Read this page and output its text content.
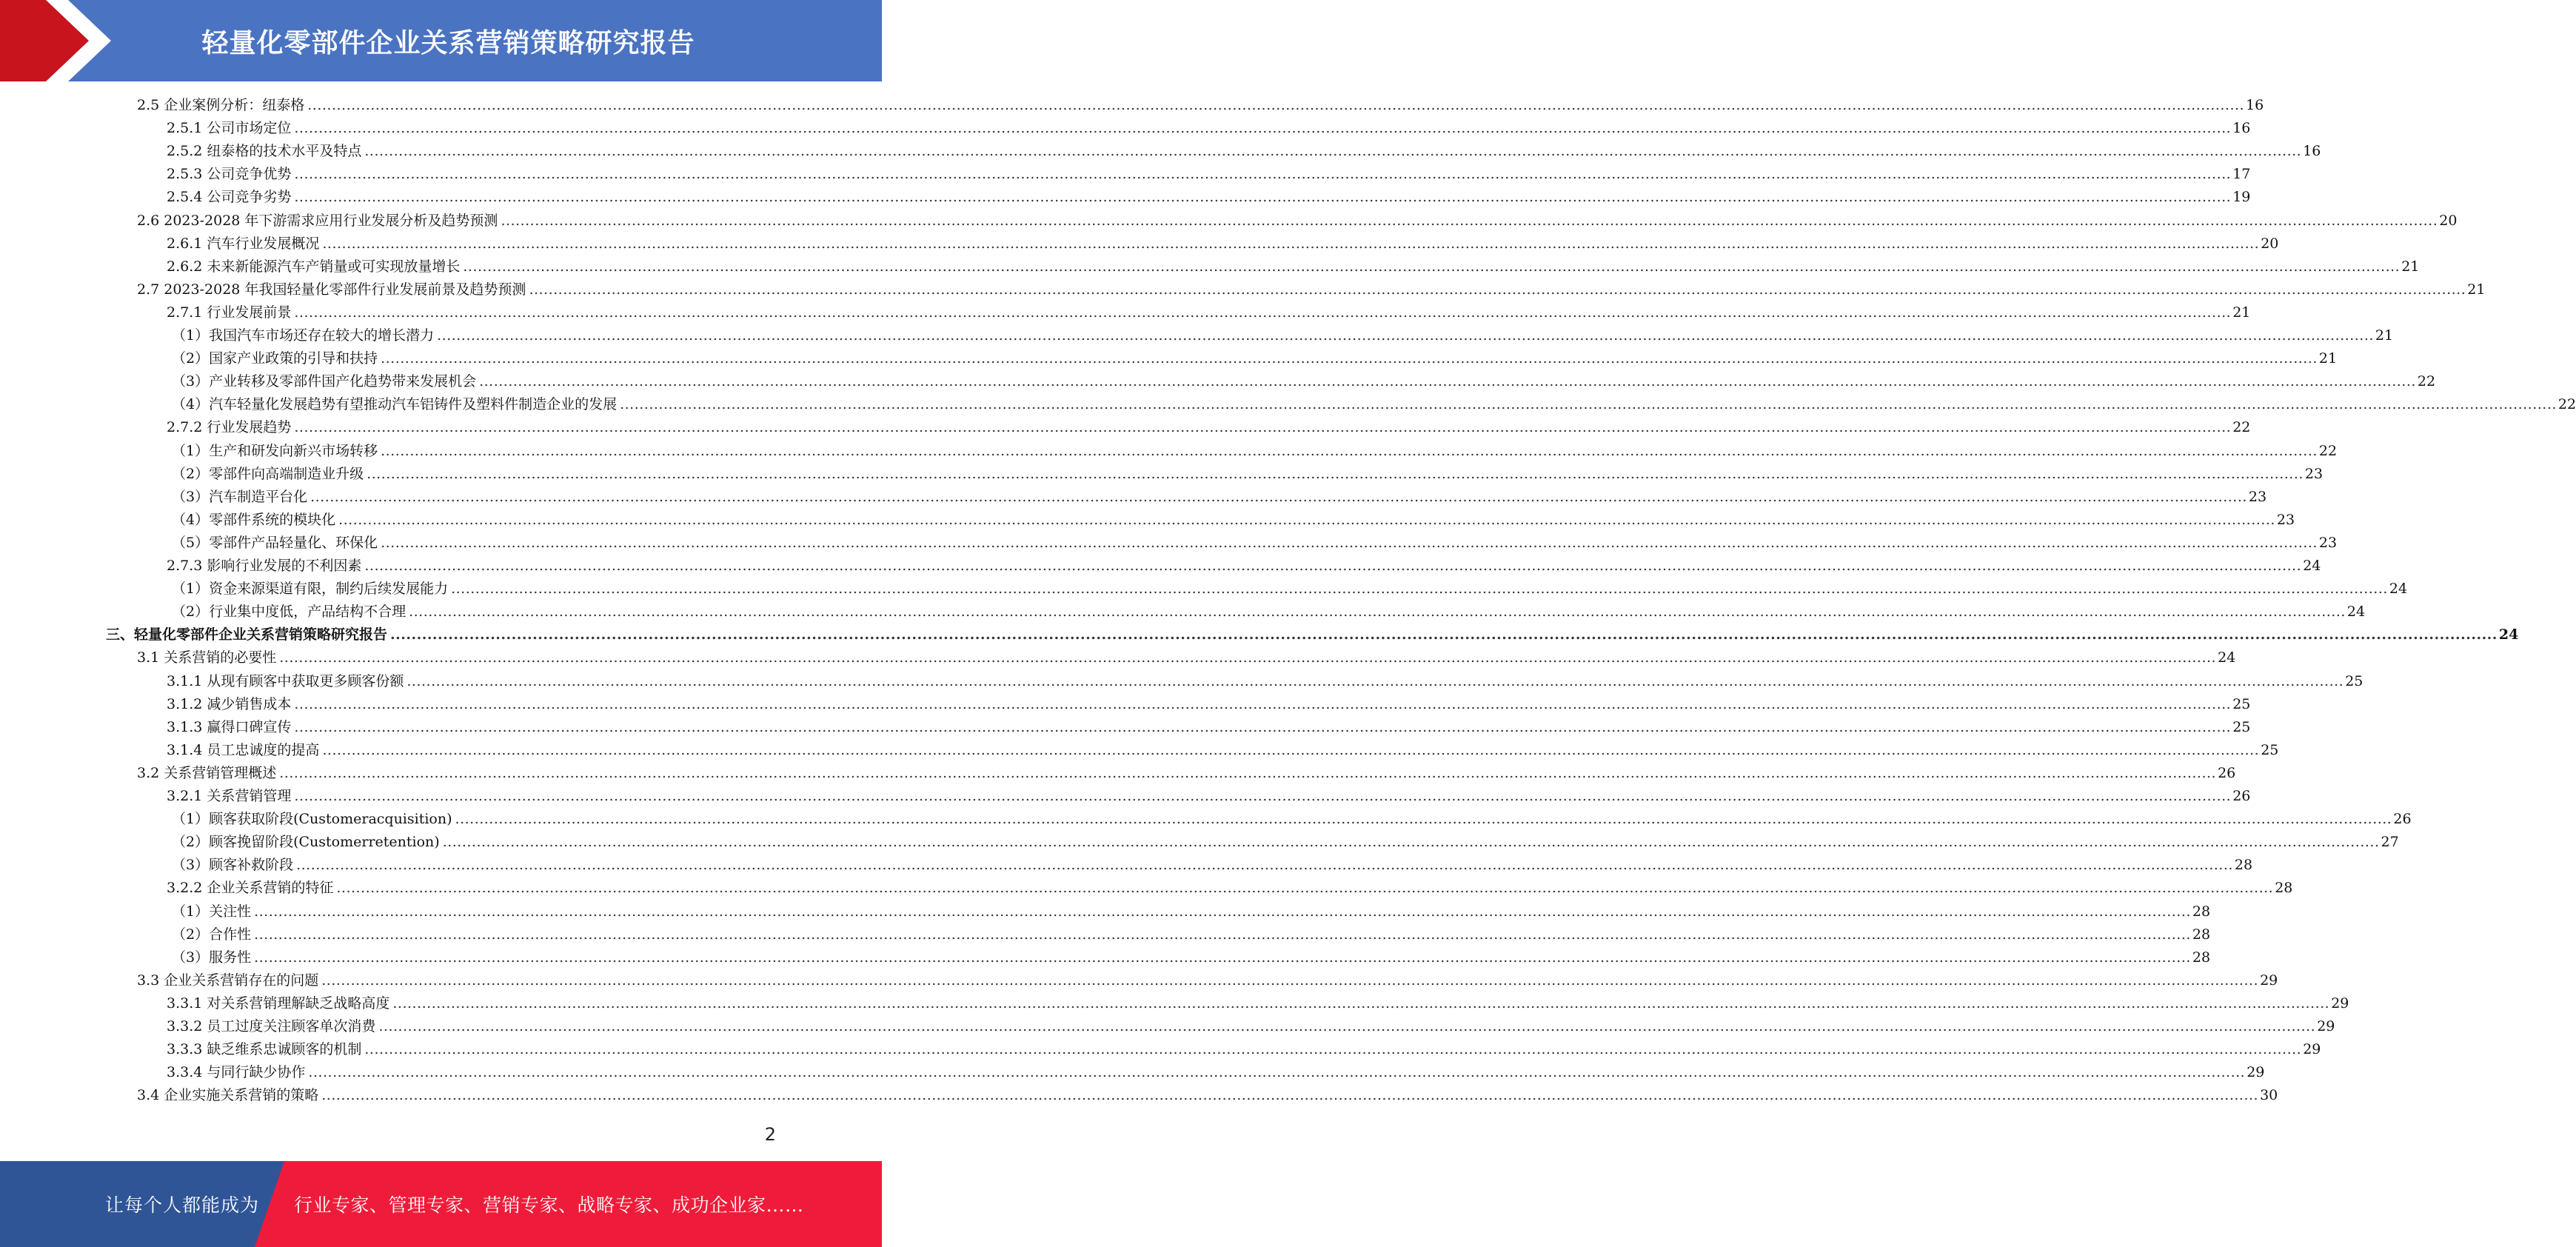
轻量化零部件企业关系营销策略研究报告
2.5 企业案例分析：纽泰格 ................................................................................................................................................................................................................................................................................................................................................................................................................ 16
2.5.1 公司市场定位 ................................................................................................................................................................................................................................................................................................................................................................................................................ 16
2.5.2 纽泰格的技术水平及特点 ................................................................................................................................................................................................................................................................................................................................................................................................................ 16
2.5.3 公司竞争优势 ................................................................................................................................................................................................................................................................................................................................................................................................................ 17
2.5.4 公司竞争劣势 ................................................................................................................................................................................................................................................................................................................................................................................................................ 19
2.6 2023-2028 年下游需求应用行业发展分析及趋势预测 ................................................................................................................................................................................................................................................................................................................................................................................................................ 20
2.6.1 汽车行业发展概况 ................................................................................................................................................................................................................................................................................................................................................................................................................ 20
2.6.2 未来新能源汽车产销量或可实现放量增长 ................................................................................................................................................................................................................................................................................................................................................................................................................ 21
2.7 2023-2028 年我国轻量化零部件行业发展前景及趋势预测 ................................................................................................................................................................................................................................................................................................................................................................................................................ 21
2.7.1 行业发展前景 ................................................................................................................................................................................................................................................................................................................................................................................................................ 21
（1）我国汽车市场还存在较大的增长潜力 ................................................................................................................................................................................................................................................................................................................................................................................................................ 21
（2）国家产业政策的引导和扶持 ................................................................................................................................................................................................................................................................................................................................................................................................................ 21
（3）产业转移及零部件国产化趋势带来发展机会 ................................................................................................................................................................................................................................................................................................................................................................................................................ 22
（4）汽车轻量化发展趋势有望推动汽车铝铸件及塑料件制造企业的发展 ................................................................................................................................................................................................................................................................................................................................................................................................................ 22
2.7.2 行业发展趋势 ................................................................................................................................................................................................................................................................................................................................................................................................................ 22
（1）生产和研发向新兴市场转移 ................................................................................................................................................................................................................................................................................................................................................................................................................ 22
（2）零部件向高端制造业升级 ................................................................................................................................................................................................................................................................................................................................................................................................................ 23
（3）汽车制造平台化 ................................................................................................................................................................................................................................................................................................................................................................................................................ 23
（4）零部件系统的模块化 ................................................................................................................................................................................................................................................................................................................................................................................................................ 23
（5）零部件产品轻量化、环保化 ................................................................................................................................................................................................................................................................................................................................................................................................................ 23
2.7.3 影响行业发展的不利因素 ................................................................................................................................................................................................................................................................................................................................................................................................................ 24
（1）资金来源渠道有限，制约后续发展能力 ................................................................................................................................................................................................................................................................................................................................................................................................................ 24
（2）行业集中度低，产品结构不合理 ................................................................................................................................................................................................................................................................................................................................................................................................................ 24
三、轻量化零部件企业关系营销策略研究报告 ................................................................................................................................................................................................................................................................................................................................................................................................................ 24
3.1 关系营销的必要性 ................................................................................................................................................................................................................................................................................................................................................................................................................ 24
3.1.1 从现有顾客中获取更多顾客份额 ................................................................................................................................................................................................................................................................................................................................................................................................................ 25
3.1.2 减少销售成本 ................................................................................................................................................................................................................................................................................................................................................................................................................ 25
3.1.3 赢得口碑宣传 ................................................................................................................................................................................................................................................................................................................................................................................................................ 25
3.1.4 员工忠诚度的提高 ................................................................................................................................................................................................................................................................................................................................................................................................................ 25
3.2 关系营销管理概述 ................................................................................................................................................................................................................................................................................................................................................................................................................ 26
3.2.1 关系营销管理 ................................................................................................................................................................................................................................................................................................................................................................................................................ 26
（1）顾客获取阶段(Customeracquisition) ................................................................................................................................................................................................................................................................................................................................................................................................................ 26
（2）顾客挽留阶段(Customerretention) ................................................................................................................................................................................................................................................................................................................................................................................................................ 27
（3）顾客补救阶段 ................................................................................................................................................................................................................................................................................................................................................................................................................ 28
3.2.2 企业关系营销的特征 ................................................................................................................................................................................................................................................................................................................................................................................................................ 28
（1）关注性 ................................................................................................................................................................................................................................................................................................................................................................................................................ 28
（2）合作性 ................................................................................................................................................................................................................................................................................................................................................................................................................ 28
（3）服务性 ................................................................................................................................................................................................................................................................................................................................................................................................................ 28
3.3 企业关系营销存在的问题 ................................................................................................................................................................................................................................................................................................................................................................................................................ 29
3.3.1 对关系营销理解缺乏战略高度 ................................................................................................................................................................................................................................................................................................................................................................................................................ 29
3.3.2 员工过度关注顾客单次消费 ................................................................................................................................................................................................................................................................................................................................................................................................................ 29
3.3.3 缺乏维系忠诚顾客的机制 ................................................................................................................................................................................................................................................................................................................................................................................................................ 29
3.3.4 与同行缺少协作 ................................................................................................................................................................................................................................................................................................................................................................................................................ 29
3.4 企业实施关系营销的策略 ................................................................................................................................................................................................................................................................................................................................................................................................................ 30
2
让每个人都能成为 行业专家、管理专家、营销专家、战略专家、成功企业家……
